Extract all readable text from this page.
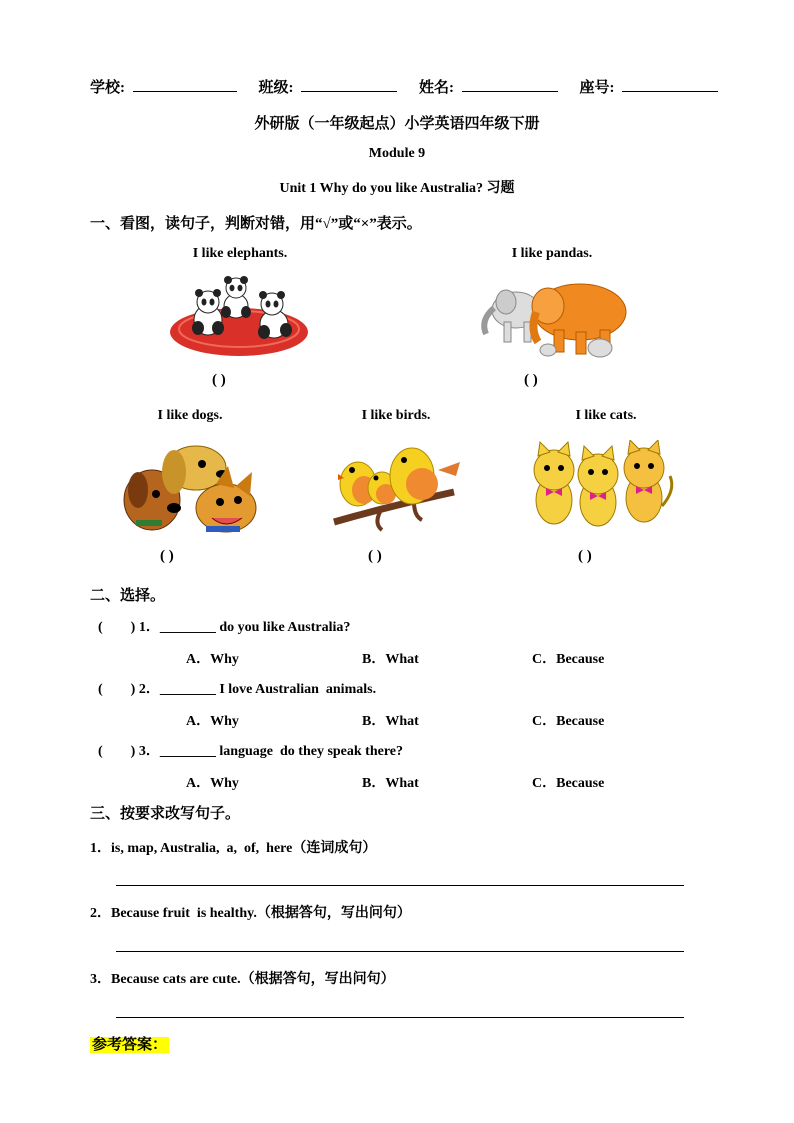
学校:	班级:	姓名:	座号:
外研版（一年级起点）小学英语四年级下册
Module 9
Unit 1 Why do you like Australia? 习题
一、看图，读句子，判断对错，用“√”或“×”表示。
I like elephants.	I like pandas.
( )	( )
I like dogs.	I like birds.	I like cats.
( )	( )	( )
二、选择。
(        ) 1．________ do you like Australia?
A．Why	B．What	C．Because
(        ) 2．________ I love Australian  animals.
A．Why	B．What	C．Because
(        ) 3．________ language  do they speak there?
A．Why	B．What	C．Because
三、按要求改写句子。
1．is, map, Australia,  a,  of,  here（连词成句）
2．Because fruit  is healthy.（根据答句，写出问句）
3．Because cats are cute.（根据答句，写出问句）
参考答案：
